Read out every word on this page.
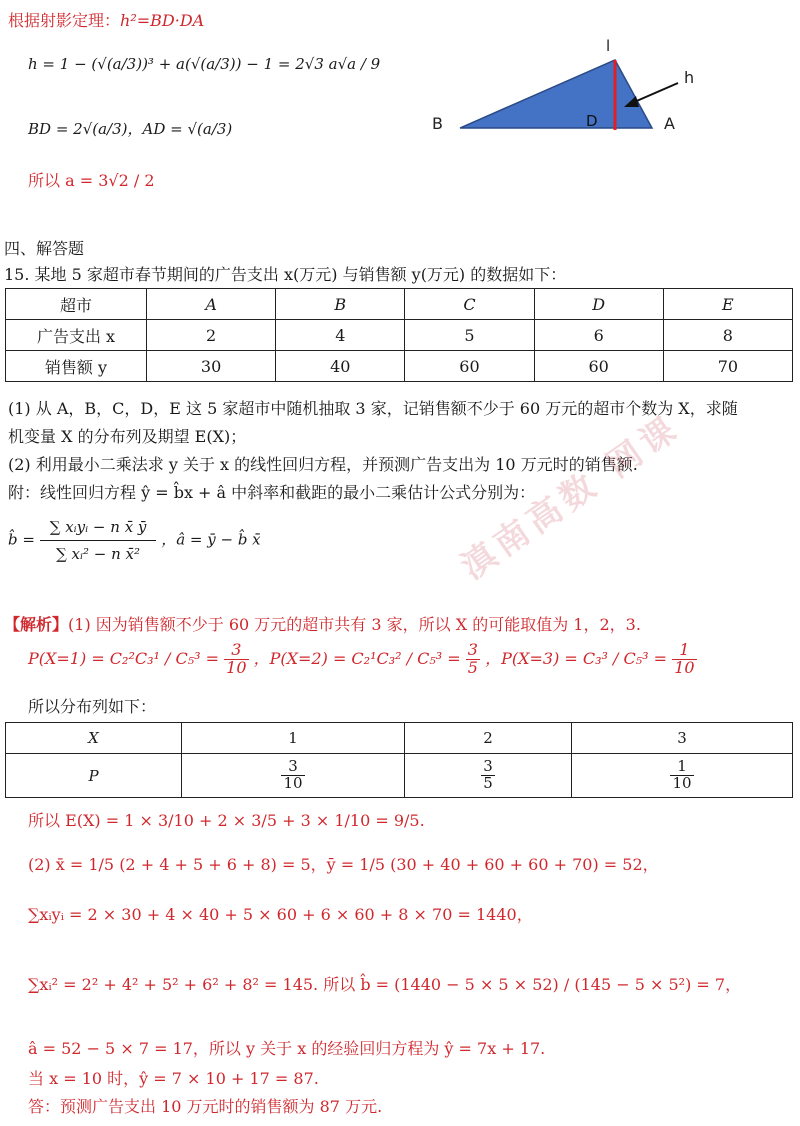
根据射影定理：h²=BD·DA
h = 1 − (√(a/3))³ + a(√(a/3)) − 1 = 2√3 a√a / 9
BD = 2√(a/3)，AD = √(a/3)
所以 a = 3√2 / 2
l
h
B	D	A
四、解答题
15. 某地 5 家超市春节期间的广告支出 x(万元) 与销售额 y(万元) 的数据如下：
超市	A	B	C	D	E
广告支出 x	2	4	5	6	8
销售额 y	30	40	60	60	70
(1) 从 A，B，C，D，E 这 5 家超市中随机抽取 3 家，记销售额不少于 60 万元的超市个数为 X，求随
机变量 X 的分布列及期望 E(X)；
(2) 利用最小二乘法求 y 关于 x 的线性回归方程，并预测广告支出为 10 万元时的销售额.
附：线性回归方程 ŷ = b̂x + â 中斜率和截距的最小二乘估计公式分别为：
b̂ = $\frac{\text{∑ xᵢyᵢ − n x̄ ȳ}}{\text{∑ xᵢ² − n x̄²}}$ ，â = ȳ − b̂ x̄	滇南高数 网课
【解析】(1) 因为销售额不少于 60 万元的超市共有 3 家，所以 X 的可能取值为 1，2，3.
$P(X=1) = C_2^2C_3^1 / C_5^3 = \frac{3}{10}$ ，$P(X=2) = C_2^1C_3^2 / C_5^3 = \frac{3}{5}$ ，$P(X=3) = C_3^3 / C_5^3 = \frac{1}{10}$
所以分布列如下：
X	1	2	3
P	$\frac{3}{10}$	$\frac{3}{5}$	$\frac{1}{10}$
所以 E(X) = 1 × 3/10 + 2 × 3/5 + 3 × 1/10 = 9/5.
(2) x̄ = 1/5 (2 + 4 + 5 + 6 + 8) = 5，ȳ = 1/5 (30 + 40 + 60 + 60 + 70) = 52，
∑xᵢyᵢ = 2 × 30 + 4 × 40 + 5 × 60 + 6 × 60 + 8 × 70 = 1440，
∑xᵢ² = 2² + 4² + 5² + 6² + 8² = 145. 所以 b̂ = (1440 − 5 × 5 × 52) / (145 − 5 × 5²) = 7，
â = 52 − 5 × 7 = 17，所以 y 关于 x 的经验回归方程为 ŷ = 7x + 17.
当 x = 10 时，ŷ = 7 × 10 + 17 = 87.
答：预测广告支出 10 万元时的销售额为 87 万元.
